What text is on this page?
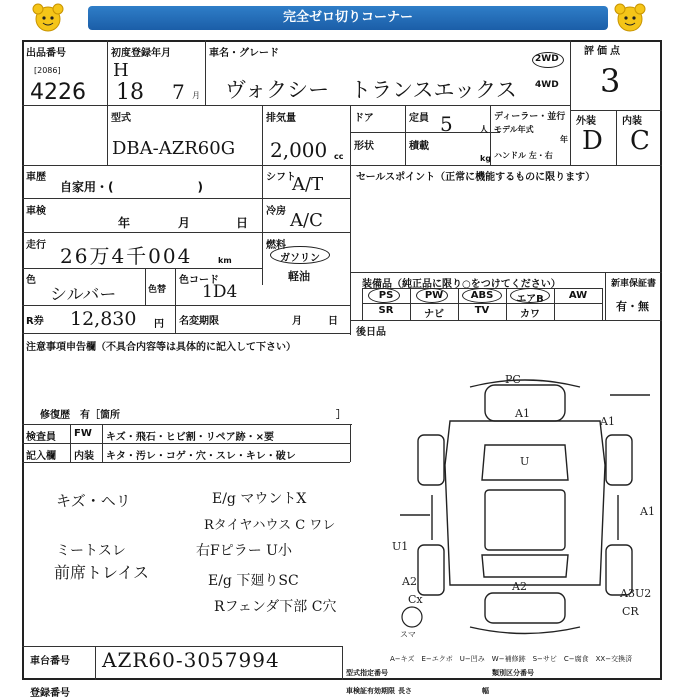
完全ゼロ切りコーナー
出品番号
[2086]
4226
初度登録年月
H
18 7 月
車名・グレード
ヴォクシー　トランスエックス
2WD
4WD
評価点
3
外装	内装
D C
型式
DBA-AZR60G
排気量
2,000 cc
ドア
形状
定員 5	人
積載
kg
ディーラー・並行
モデル年式
年
ハンドル 左・右
車歴
自家用・(　　　　　　　)
シフト
A/T
車検
年	月	日
冷房 A/C
走行 26万4千004	km
燃料
ガソリン
軽油
色
シルバー	色替
色コード
1D4
R券 12,830 円 名変期限	月	日
セールスポイント（正常に機能するものに限ります）
装備品（純正品に限り○をつけてください）	新車保証書
有・無
PS	PW	ABS	エアB	AW
SR	ナビ	TV	カワ
後日品
注意事項申告欄（不具合内容等は具体的に記入して下さい）
修復歴　有［箇所	］
検査員
記入欄
FW キズ・飛石・ヒビ割・リペア跡・×要
内装 キタ・汚レ・コゲ・穴・スレ・キレ・破レ
キズ・ヘリ	E/g マウントX
Rタイヤハウス C ワレ
ミートスレ
前席トレイス
右Fピラー U小
E/g 下廻りSC
Rフェンダ下部 C穴
PC
A1
A1
U
A1
U1
A2	A2
A3U2
Cx
CR
スマ
A−キズ　E−エクボ　U−凹み　W−補修跡　S−サビ　C−腐食　XX−交換済
車台番号 AZR60-3057994
登録番号
型式指定番号	類別区分番号
車検証有効期限 長さ	幅
